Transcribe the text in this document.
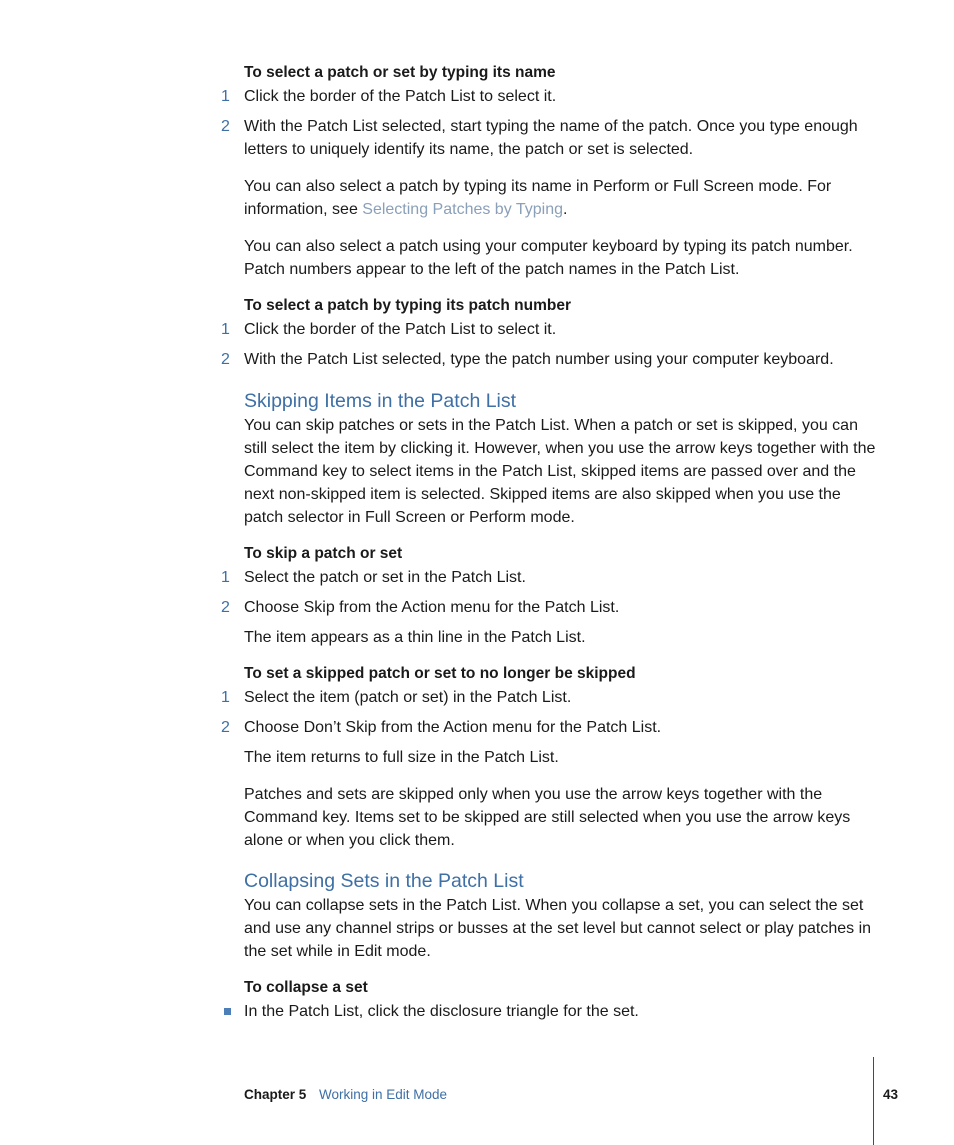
To select a patch or set by typing its name
1 Click the border of the Patch List to select it.
2 With the Patch List selected, start typing the name of the patch. Once you type enough letters to uniquely identify its name, the patch or set is selected.
You can also select a patch by typing its name in Perform or Full Screen mode. For information, see Selecting Patches by Typing.
You can also select a patch using your computer keyboard by typing its patch number. Patch numbers appear to the left of the patch names in the Patch List.
To select a patch by typing its patch number
1 Click the border of the Patch List to select it.
2 With the Patch List selected, type the patch number using your computer keyboard.
Skipping Items in the Patch List
You can skip patches or sets in the Patch List. When a patch or set is skipped, you can still select the item by clicking it. However, when you use the arrow keys together with the Command key to select items in the Patch List, skipped items are passed over and the next non-skipped item is selected. Skipped items are also skipped when you use the patch selector in Full Screen or Perform mode.
To skip a patch or set
1 Select the patch or set in the Patch List.
2 Choose Skip from the Action menu for the Patch List.
The item appears as a thin line in the Patch List.
To set a skipped patch or set to no longer be skipped
1 Select the item (patch or set) in the Patch List.
2 Choose Don’t Skip from the Action menu for the Patch List.
The item returns to full size in the Patch List.
Patches and sets are skipped only when you use the arrow keys together with the Command key. Items set to be skipped are still selected when you use the arrow keys alone or when you click them.
Collapsing Sets in the Patch List
You can collapse sets in the Patch List. When you collapse a set, you can select the set and use any channel strips or busses at the set level but cannot select or play patches in the set while in Edit mode.
To collapse a set
In the Patch List, click the disclosure triangle for the set.
Chapter 5 Working in Edit Mode	43
